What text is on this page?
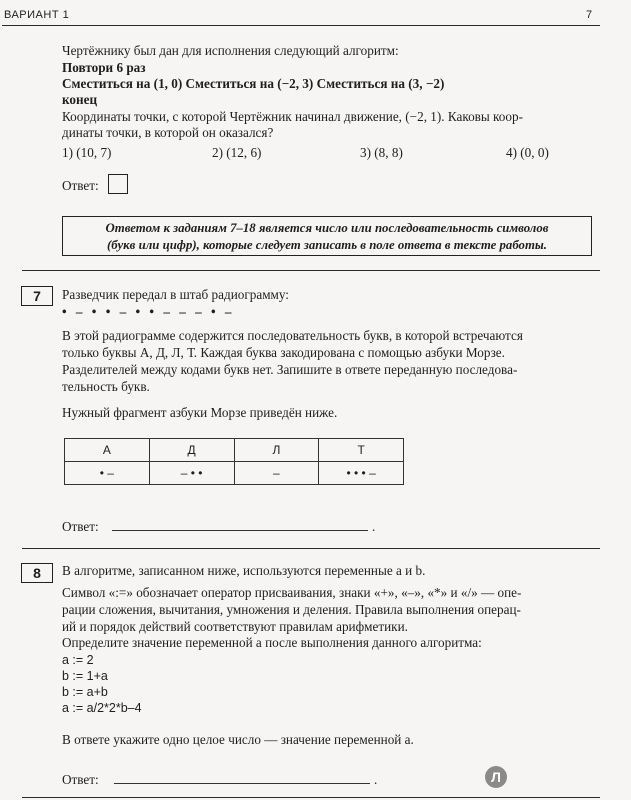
ВАРИАНТ 1	7
Чертёжнику был дан для исполнения следующий алгоритм:
Повтори 6 раз
Сместиться на (1, 0) Сместиться на (−2, 3) Сместиться на (3, −2)
конец
Координаты точки, с которой Чертёжник начинал движение, (−2, 1). Каковы коор-
динаты точки, в которой он оказался?
1) (10, 7)	2) (12, 6)	3) (8, 8)	4) (0, 0)
Ответ:
Ответом к заданиям 7–18 является число или последовательность символов
(букв или цифр), которые следует записать в поле ответа в тексте работы.
7	Разведчик передал в штаб радиограмму:
• – • • – • • – – – • –
В этой радиограмме содержится последовательность букв, в которой встречаются
только буквы А, Д, Л, Т. Каждая буква закодирована с помощью азбуки Морзе.
Разделителей между кодами букв нет. Запишите в ответе переданную последова-
тельность букв.
Нужный фрагмент азбуки Морзе приведён ниже.
А	Д	Л	Т
• –	– • •	–	• • • –
Ответ:	.
8	В алгоритме, записанном ниже, используются переменные a и b.
Символ «:=» обозначает оператор присваивания, знаки «+», «–», «*» и «/» — опе-
рации сложения, вычитания, умножения и деления. Правила выполнения операц-
ий и порядок действий соответствуют правилам арифметики.
Определите значение переменной a после выполнения данного алгоритма:
a := 2
b := 1+a
b := a+b
a := a/2*2*b–4
В ответе укажите одно целое число — значение переменной a.
Ответ:	.	Л
